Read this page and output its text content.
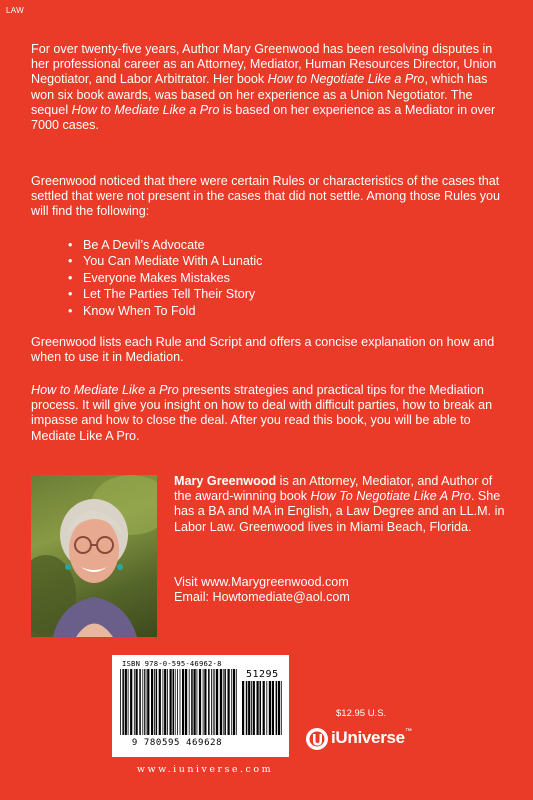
LAW

For over twenty-five years, Author Mary Greenwood has been resolving disputes in her professional career as an Attorney, Mediator, Human Resources Director, Union Negotiator, and Labor Arbitrator. Her book How to Negotiate Like a Pro, which has won six book awards, was based on her experience as a Union Negotiator. The sequel How to Mediate Like a Pro is based on her experience as a Mediator in over 7000 cases.

Greenwood noticed that there were certain Rules or characteristics of the cases that settled that were not present in the cases that did not settle. Among those Rules you will find the following:

• Be A Devil’s Advocate
• You Can Mediate With A Lunatic
• Everyone Makes Mistakes
• Let The Parties Tell Their Story
• Know When To Fold

Greenwood lists each Rule and Script and offers a concise explanation on how and when to use it in Mediation.

How to Mediate Like a Pro presents strategies and practical tips for the Mediation process. It will give you insight on how to deal with difficult parties, how to break an impasse and how to close the deal. After you read this book, you will be able to Mediate Like A Pro.

Mary Greenwood is an Attorney, Mediator, and Author of the award-winning book How To Negotiate Like A Pro. She has a BA and MA in English, a Law Degree and an LL.M. in Labor Law. Greenwood lives in Miami Beach, Florida.

Visit www.Marygreenwood.com
Email: Howtomediate@aol.com
ISBN 978-0-595-46962-8
51295
9 780595 469628
www.iuniverse.com
$12.95 U.S.
iUniverse™
